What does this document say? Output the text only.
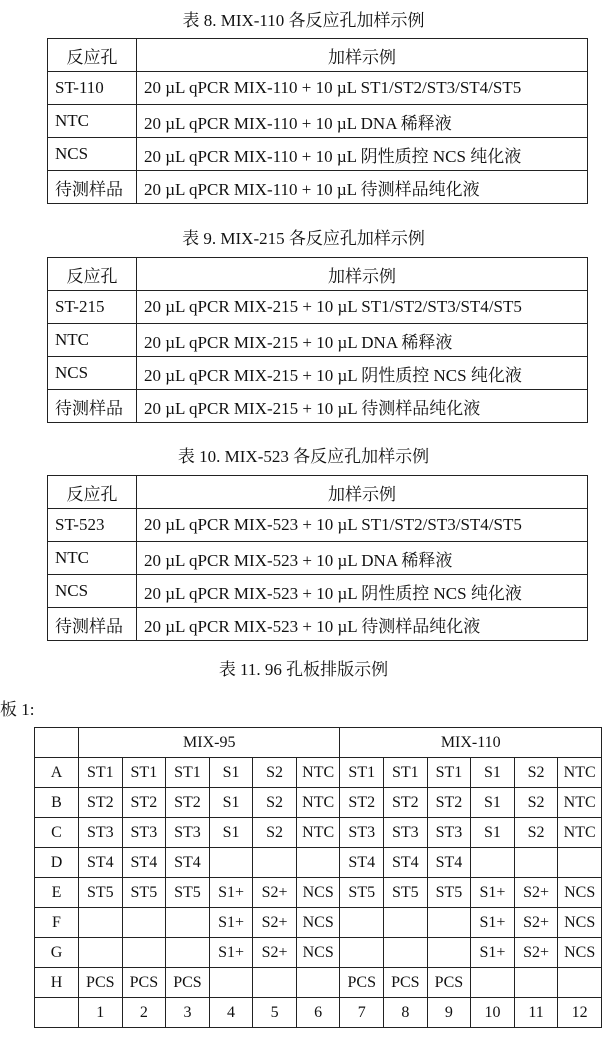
表 8. MIX-110 各反应孔加样示例
反应孔	加样示例
ST-110	20 µL qPCR MIX-110 + 10 µL ST1/ST2/ST3/ST4/ST5
NTC	20 µL qPCR MIX-110 + 10 µL DNA 稀释液
NCS	20 µL qPCR MIX-110 + 10 µL 阴性质控 NCS 纯化液
待测样品	20 µL qPCR MIX-110 + 10 µL 待测样品纯化液
表 9. MIX-215 各反应孔加样示例
反应孔	加样示例
ST-215	20 µL qPCR MIX-215 + 10 µL ST1/ST2/ST3/ST4/ST5
NTC	20 µL qPCR MIX-215 + 10 µL DNA 稀释液
NCS	20 µL qPCR MIX-215 + 10 µL 阴性质控 NCS 纯化液
待测样品	20 µL qPCR MIX-215 + 10 µL 待测样品纯化液
表 10. MIX-523 各反应孔加样示例
反应孔	加样示例
ST-523	20 µL qPCR MIX-523 + 10 µL ST1/ST2/ST3/ST4/ST5
NTC	20 µL qPCR MIX-523 + 10 µL DNA 稀释液
NCS	20 µL qPCR MIX-523 + 10 µL 阴性质控 NCS 纯化液
待测样品	20 µL qPCR MIX-523 + 10 µL 待测样品纯化液
表 11. 96 孔板排版示例
板 1:
	MIX-95						MIX-110					
A	ST1	ST1	ST1	S1	S2	NTC	ST1	ST1	ST1	S1	S2	NTC
B	ST2	ST2	ST2	S1	S2	NTC	ST2	ST2	ST2	S1	S2	NTC
C	ST3	ST3	ST3	S1	S2	NTC	ST3	ST3	ST3	S1	S2	NTC
D	ST4	ST4	ST4				ST4	ST4	ST4			
E	ST5	ST5	ST5	S1+	S2+	NCS	ST5	ST5	ST5	S1+	S2+	NCS
F				S1+	S2+	NCS				S1+	S2+	NCS
G				S1+	S2+	NCS				S1+	S2+	NCS
H	PCS	PCS	PCS				PCS	PCS	PCS			
	1	2	3	4	5	6	7	8	9	10	11	12
